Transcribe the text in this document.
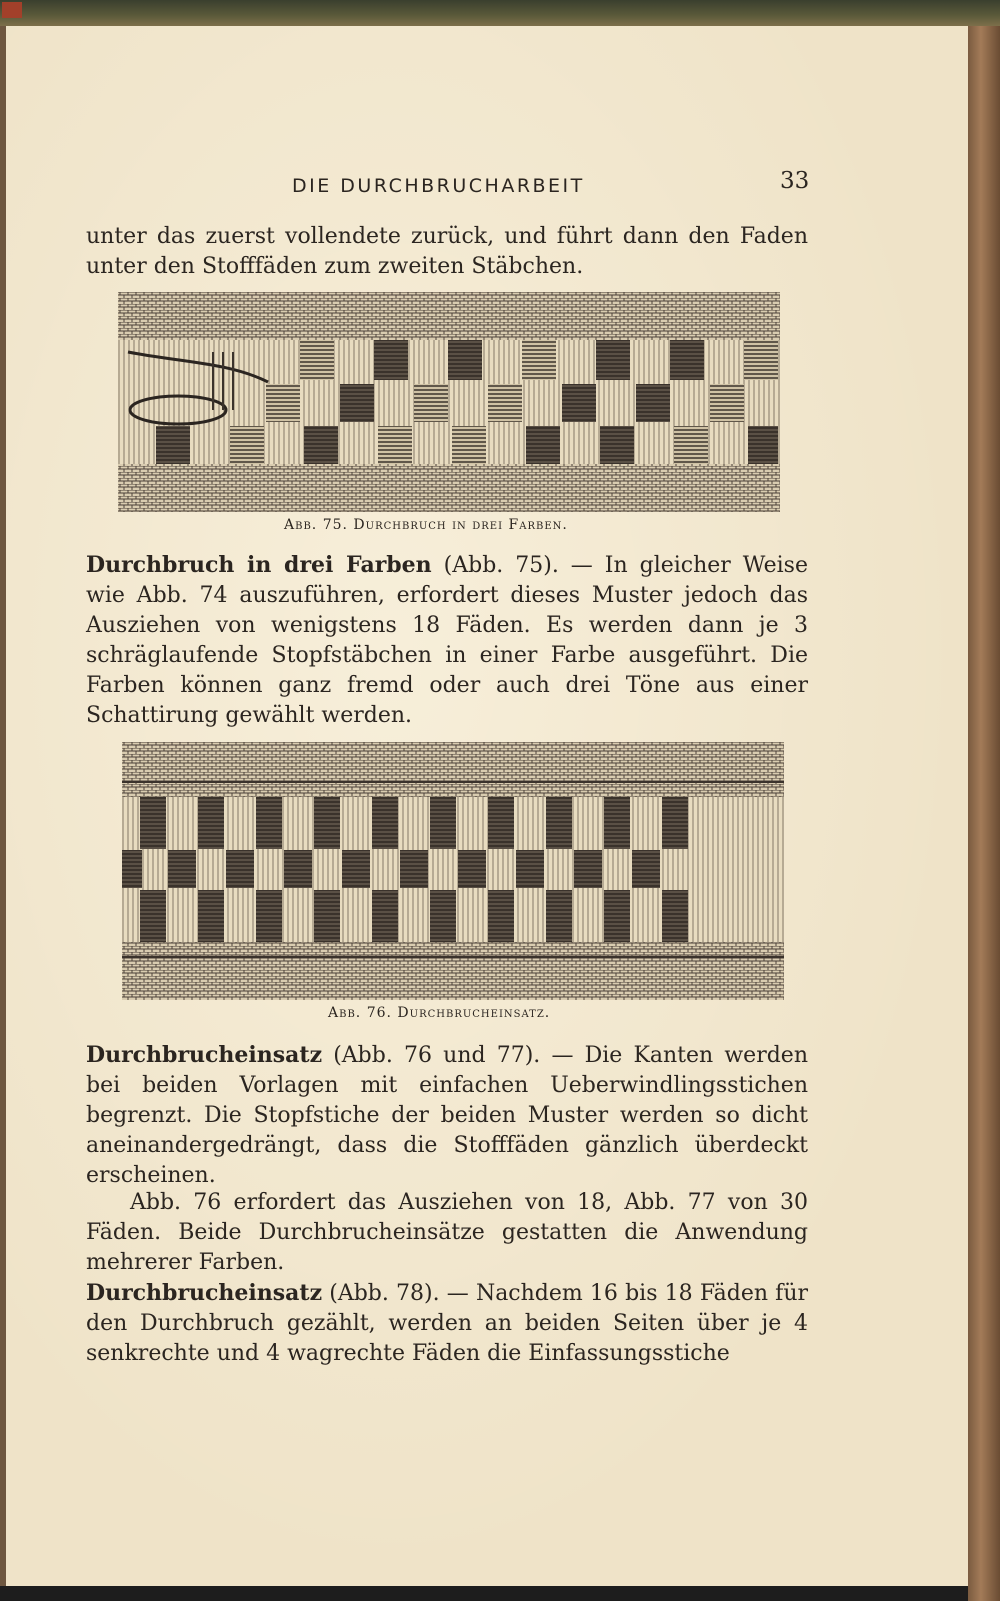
DIE DURCHBRUCHARBEIT	33

unter das zuerst vollendete zurück, und führt dann den Faden unter den Stofffäden zum zweiten Stäbchen.

Abb. 75. Durchbruch in drei Farben.

Durchbruch in drei Farben (Abb. 75). — In gleicher Weise wie Abb. 74 auszuführen, erfordert dieses Muster jedoch das Ausziehen von wenigstens 18 Fäden. Es werden dann je 3 schräglaufende Stopfstäbchen in einer Farbe ausgeführt. Die Farben können ganz fremd oder auch drei Töne aus einer Schattirung gewählt werden.

Abb. 76. Durchbrucheinsatz.

Durchbrucheinsatz (Abb. 76 und 77). — Die Kanten werden bei beiden Vorlagen mit einfachen Ueberwindlingsstichen begrenzt. Die Stopfstiche der beiden Muster werden so dicht aneinandergedrängt, dass die Stofffäden gänzlich überdeckt erscheinen.

Abb. 76 erfordert das Ausziehen von 18, Abb. 77 von 30 Fäden. Beide Durchbrucheinsätze gestatten die Anwendung mehrerer Farben.

Durchbrucheinsatz (Abb. 78). — Nachdem 16 bis 18 Fäden für den Durchbruch gezählt, werden an beiden Seiten über je 4 senkrechte und 4 wagrechte Fäden die Einfassungsstiche
